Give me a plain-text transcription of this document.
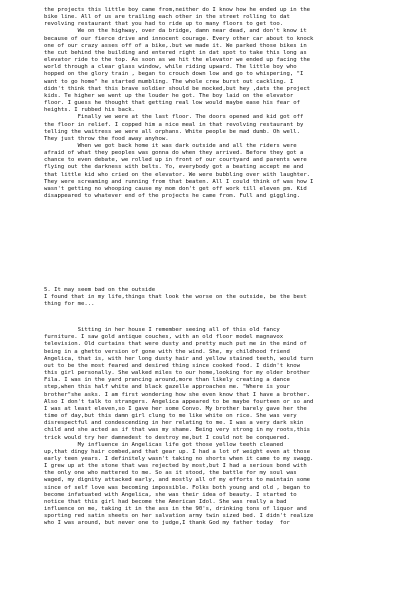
the projects this little boy came from,neither do I know how he ended up in the
bike line. All of us are trailing each other in the street rolling to dat
revolving restaurant that you had to ride up to many floors to get too.
We on the highway, over da bridge, damn near dead, and don't know it
because of our fierce drive and innocent courage. Every other car about to knock
one of our crazy asses off of a bike,.but we made it. We parked those bikes in
the cut behind the building and entered right in dat spot to take this long as
elevator ride to the top. As soon as we hit the elevator we ended up facing the
world through a clear glass window, while riding upward. The little boy who
hopped on the glory train , began to crouch down low and go to whispering, "I
want to go home" he started mumbling. The whole crew burst out cackling. I
didn't think that this brave soldier should be mocked,but hey ,dats the project
kids. Te higher we went up the louder he got. The boy laid on the elevator
floor. I guess he thought that getting real low would maybe ease his fear of
heights. I rubbed his back.
Finally we were at the last floor. The doors opened and kid got off
the floor in relief. I copped him a nice meal in that revolving restaurant by
telling the waitress we were all orphans. White people be mad dumb. Oh well.
They just throw the food away anyhow.
When we got back home it was dark outside and all the riders were
afraid of what they peoples was gonna do when they arrived. Before they got a
chance to even debate, we rolled up in front of our courtyard and parents were
flying out the darkness with belts. Yo, everybody got a beating accept me and
that little kid who cried on the elevator. We were bubbling over with laughter.
They were screaming and running from that beaten. All I could think of was how I
wasn't getting no whooping cause my mom don't get off work till eleven pm. Kid
disappeared to whatever end of the projects he came from. Full and giggling.
5. It may seem bad on the outside
I found that in my life,things that look the worse on the outside, be the best
thing for me...

Sitting in her house I remember seeing all of this old fancy
furniture. I saw gold antique couches, with an old floor model magnavox
television. Old curtains that were dusty and pretty much put me in the mind of
being in a ghetto version of gone with the wind. She, my childhood friend
Angelica, that is, with her long dusty hair and yellow stained teeth, would turn
out to be the most feared and desired thing since cooked food. I didn't know
this girl personally. She walked miles to our home,looking for my older brother
Fila. I was in the yard prancing around,more than likely creating a dance
step,when this half white and black gazelle approaches me. "Where is your
brother"she asks. I am first wondering how she even know that I have a brother.
Also I don't talk to strangers. Angelica appeared to be maybe fourteen or so and
I was at least eleven,so I gave her some Convo. My brother barely gave her the
time of day,but this damn girl clung to me like white on rice. She was very
disrespectful and condescending in her relating to me. I was a very dark skin
child and she acted as if that was my shame. Being very strong in my roots,this
trick would try her damnedest to destroy me,but I could not be conquered.
My influence in Angelicas life got those yellow teeth cleaned
up,that dingy hair combed,and that gear up. I had a lot of weight even at those
early teen years. I definitely wasn't taking no shorts when it came to my swagg.
I grew up at the stone that was rejected by most,but I had a serious bond with
the only one who mattered to me. So as it stood, the battle for my soul was
waged, my dignity attacked early, and mostly all of my efforts to maintain some
since of self love was becoming impossible. Folks both young and old , began to
become infatuated with Angelica, she was their idea of beauty. I started to
notice that this girl had become the American Idol. She was really a bad
influence on me, taking it in the ass in the 90's, drinking tons of liquor and
sporting red satin sheets on her salvation army twin sized bed. I didn't realize
who I was around, but never one to judge,I thank God my father today  for
